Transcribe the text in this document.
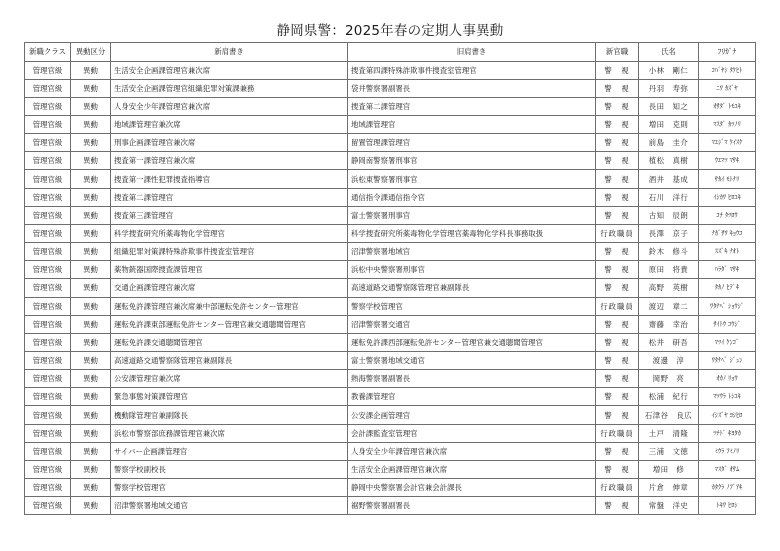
静岡県警：2025年春の定期人事異動
新職クラス	異動区分	新肩書き	旧肩書き	新官職	氏名	ﾌﾘｶﾞﾅ
管理官級	異動	生活安全企画課管理官兼次席	捜査第四課特殊詐欺事件捜査室管理官	警　視	小林　剛仁	ｺﾊﾞﾔｼ ﾀｹﾋﾄ
管理官級	異動	生活安全企画課管理官組織犯罪対策課兼務	袋井警察署副署長	警　視	丹羽　寿弥	ﾆﾜ ｶｽﾞﾔ
管理官級	異動	人身安全少年課管理官兼次席	捜査第二課管理官	警　視	長田　知之	ｵｻﾀﾞ ﾄﾓﾕｷ
管理官級	異動	地域課管理官兼次席	地域課管理官	警　視	増田　克則	ﾏｽﾀﾞ ｶﾂﾉﾘ
管理官級	異動	刑事企画課管理官兼次席	留置管理課管理官	警　視	前島　圭介	ﾏｴｼﾞﾏ ｹｲｽｹ
管理官級	異動	捜査第一課管理官兼次席	静岡南警察署刑事官	警　視	植松　真樹	ｳｴﾏﾂ ﾏｻｷ
管理官級	異動	捜査第一課性犯罪捜査指導官	浜松東警察署刑事官	警　視	酒井　基成	ｻｶｲ ﾓﾄﾅﾘ
管理官級	異動	捜査第二課管理官	通信指令課通信指令官	警　視	石川　洋行	ｲｼｶﾜ ﾋﾛﾕｷ
管理官級	異動	捜査第三課管理官	富士警察署刑事官	警　視	古知　辰朗	ｺﾁ ﾀﾂﾛｳ
管理官級	異動	科学捜査研究所薬毒物化学管理官	科学捜査研究所薬毒物化学管理官薬毒物化学科長事務取扱	行政職員	長澤　京子	ﾅｶﾞｻﾜ ｷｮｳｺ
管理官級	異動	組織犯罪対策課特殊詐欺事件捜査室管理官	沼津警察署地域官	警　視	鈴木　修斗	ｽｽﾞｷ ﾅｵﾄ
管理官級	異動	薬物銃器国際捜査課管理官	浜松中央警察署刑事官	警　視	原田　将貴	ﾊﾗﾀﾞ ﾏｻｷ
管理官級	異動	交通企画課管理官兼次席	高速道路交通警察隊管理官兼副隊長	警　視	高野　英樹	ﾀｶﾉ ﾋﾃﾞｷ
管理官級	異動	運転免許課管理官兼次席兼中部運転免許センター管理官	警察学校管理官	行政職員	渡辺　章二	ﾜﾀﾅﾍﾞ ｼｮｳｼﾞ
管理官級	異動	運転免許課東部運転免許センター管理官兼交通聴聞管理官	沼津警察署交通官	警　視	齋藤　幸治	ｻｲﾄｳ ｺｳｼﾞ
管理官級	異動	運転免許課交通聴聞管理官	運転免許課西部運転免許センター管理官兼交通聴聞管理官	警　視	松井　研吾	ﾏﾂｲ ｹﾝｺﾞ
管理官級	異動	高速道路交通警察隊管理官兼副隊長	富士警察署地域交通官	警　視	渡邊　淳	ﾜﾀﾅﾍﾞ ｼﾞｭﾝ
管理官級	異動	公安課管理官兼次席	熱海警察署副署長	警　視	岡野　亮	ｵｶﾉ ﾘｮｳ
管理官級	異動	緊急事態対策課管理官	教養課管理官	警　視	松浦　紀行	ﾏﾂｳﾗ ﾄｼﾕｷ
管理官級	異動	機動隊管理官兼副隊長	公安課企画管理官	警　視	石津谷　良広	ｲｼｽﾞﾔ ﾖｼﾋﾛ
管理官級	異動	浜松市警察部庶務課管理官兼次席	会計課監査室管理官	行政職員	土戸　清隆	ﾂﾁﾄﾞ ｷﾖﾀｶ
管理官級	異動	サイバー企画課管理官	人身安全少年課管理官兼次席	警　視	三浦　文徳	ﾐｳﾗ ﾌﾐﾉﾘ
管理官級	異動	警察学校副校長	生活安全企画課管理官兼次席	警　視	増田　修	ﾏｽﾀﾞ ｵｻﾑ
管理官級	異動	警察学校管理官	静岡中央警察署会計官兼会計課長	行政職員	片倉　伸章	ｶﾀｸﾗ ﾉﾌﾞｱｷ
管理官級	異動	沼津警察署地域交通官	裾野警察署副署長	警　視	常盤　洋史	ﾄｷﾜ ﾋﾛｼ
